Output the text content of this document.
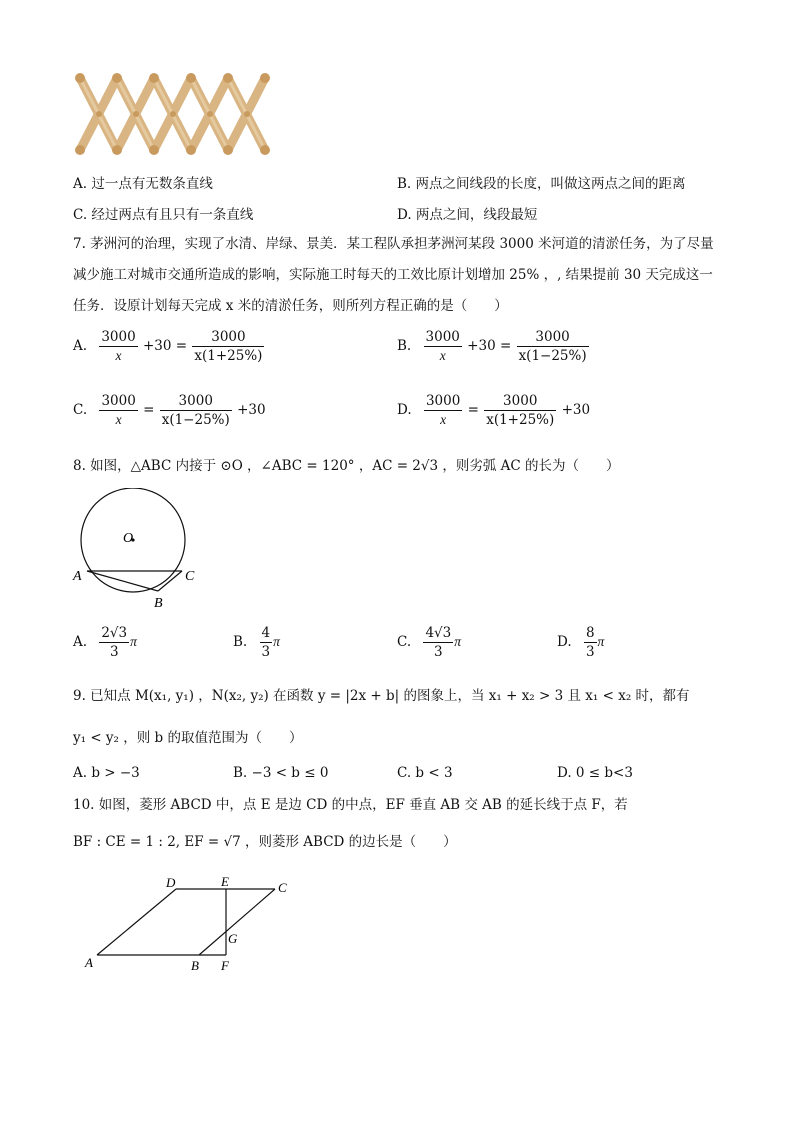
A. 过一点有无数条直线	B. 两点之间线段的长度，叫做这两点之间的距离
C. 经过两点有且只有一条直线	D. 两点之间，线段最短
7. 茅洲河的治理，实现了水清、岸绿、景美．某工程队承担茅洲河某段 3000 米河道的清淤任务，为了尽量
减少施工对城市交通所造成的影响，实际施工时每天的工效比原计划增加 25% ，, 结果提前 30 天完成这一
任务．设原计划每天完成 x 米的清淤任务，则所列方程正确的是（　　）
A. $\frac{3000}{x} +30 = \frac{3000}{x(1+25\%)}$	B. $\frac{3000}{x} +30 = \frac{3000}{x(1-25\%)}$
C. $\frac{3000}{x} = \frac{3000}{x(1-25\%)} +30$	D. $\frac{3000}{x} = \frac{3000}{x(1+25\%)} +30$
8. 如图，△ABC 内接于 ⊙O ，∠ABC = 120° ，AC = 2√3 ，则劣弧 AC 的长为（　　）
O
A	C
B
A. $\frac{2√3}{3}$ π	B. $\frac{4}{3}$ π	C. $\frac{4√3}{3}$ π	D. $\frac{8}{3}$ π
9. 已知点 M(x₁, y₁) ，N(x₂, y₂) 在函数 y = |2x + b| 的图象上，当 x₁ + x₂ > 3 且 x₁ < x₂ 时，都有
y₁ < y₂ ，则 b 的取值范围为（　　）
A. b > −3	B. −3 < b ≤ 0	C. b < 3	D. 0 ≤ b<3
10. 如图，菱形 ABCD 中，点 E 是边 CD 的中点，EF 垂直 AB 交 AB 的延长线于点 F，若
BF : CE = 1 : 2, EF = √7 ，则菱形 ABCD 的边长是（　　）
A
D	E	C
G
B F
